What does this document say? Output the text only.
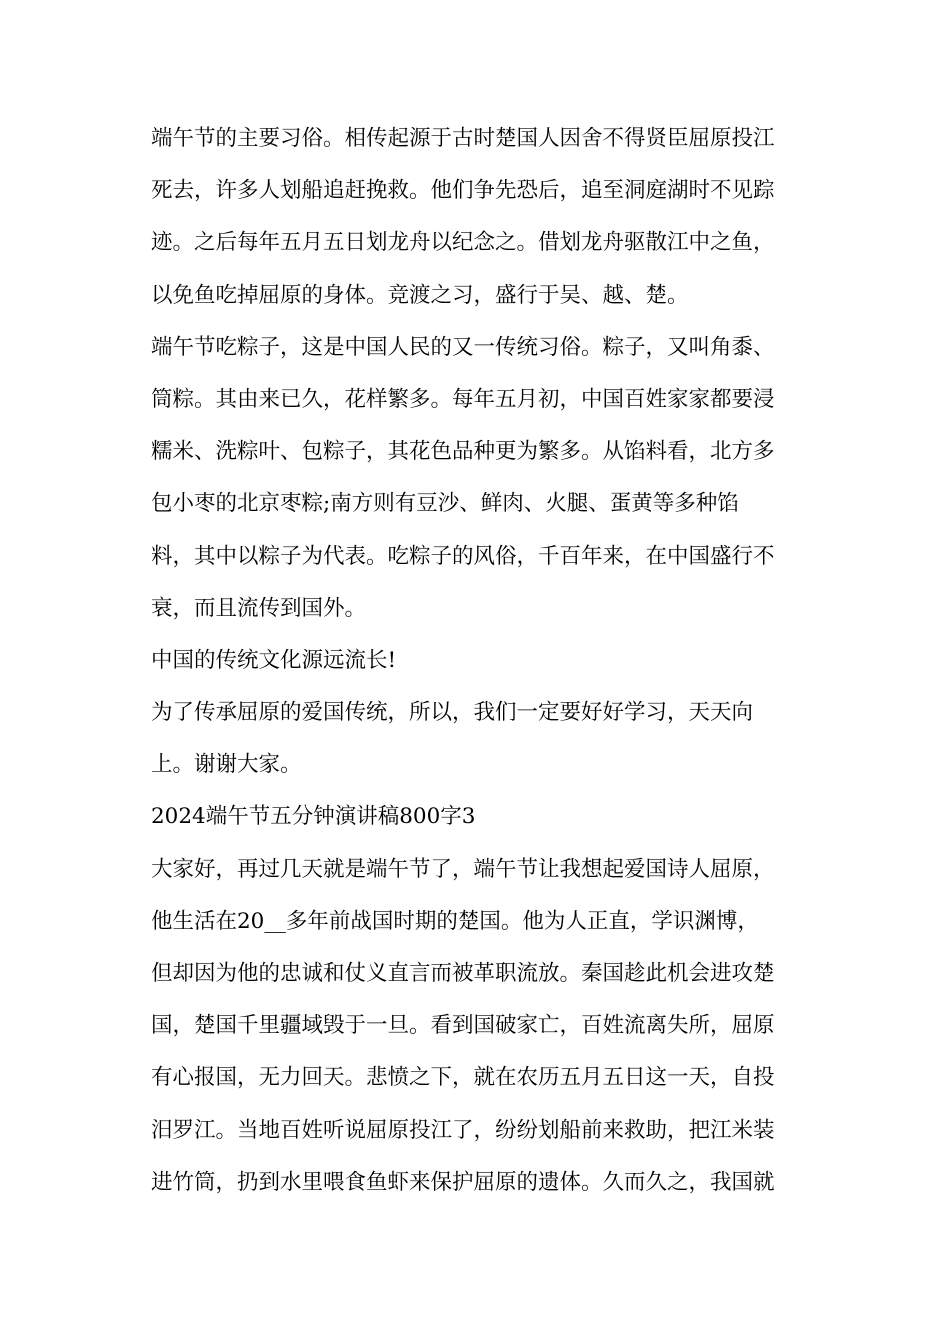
端午节的主要习俗。相传起源于古时楚国人因舍不得贤臣屈原投江
死去，许多人划船追赶挽救。他们争先恐后，追至洞庭湖时不见踪
迹。之后每年五月五日划龙舟以纪念之。借划龙舟驱散江中之鱼，
以免鱼吃掉屈原的身体。竞渡之习，盛行于吴、越、楚。
端午节吃粽子，这是中国人民的又一传统习俗。粽子，又叫角黍、
筒粽。其由来已久，花样繁多。每年五月初，中国百姓家家都要浸
糯米、洗粽叶、包粽子，其花色品种更为繁多。从馅料看，北方多
包小枣的北京枣粽;南方则有豆沙、鲜肉、火腿、蛋黄等多种馅
料，其中以粽子为代表。吃粽子的风俗，千百年来，在中国盛行不
衰，而且流传到国外。
中国的传统文化源远流长!
为了传承屈原的爱国传统，所以，我们一定要好好学习，天天向
上。谢谢大家。
2024端午节五分钟演讲稿800字3
大家好，再过几天就是端午节了，端午节让我想起爱国诗人屈原，
他生活在20__多年前战国时期的楚国。他为人正直，学识渊博，
但却因为他的忠诚和仗义直言而被革职流放。秦国趁此机会进攻楚
国，楚国千里疆域毁于一旦。看到国破家亡，百姓流离失所，屈原
有心报国，无力回天。悲愤之下，就在农历五月五日这一天，自投
汨罗江。当地百姓听说屈原投江了，纷纷划船前来救助，把江米装
进竹筒，扔到水里喂食鱼虾来保护屈原的遗体。久而久之，我国就
